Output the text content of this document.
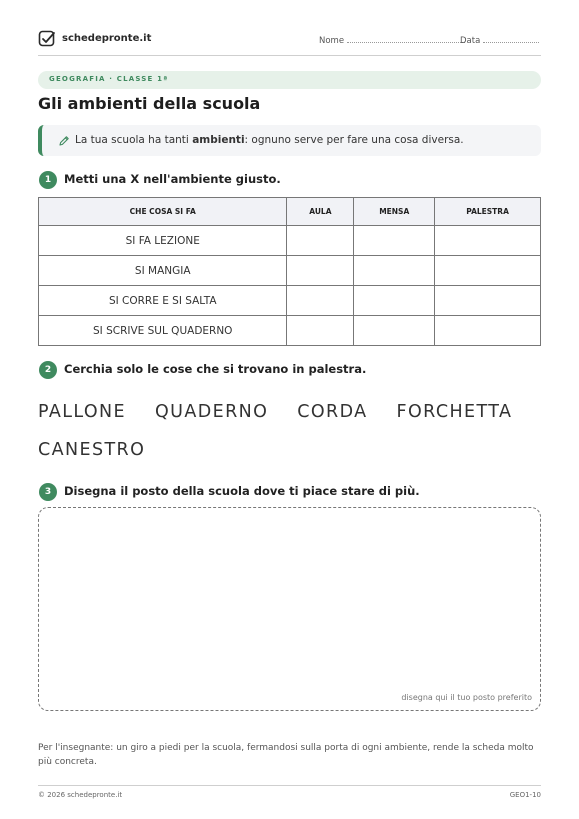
schedepronte.it	Nome	Data
GEOGRAFIA · CLASSE 1ª
Gli ambienti della scuola
La tua scuola ha tanti ambienti: ognuno serve per fare una cosa diversa.
1	Metti una X nell'ambiente giusto.
CHE COSA SI FA	AULA	MENSA	PALESTRA
SI FA LEZIONE			
SI MANGIA			
SI CORRE E SI SALTA			
SI SCRIVE SUL QUADERNO			
2	Cerchia solo le cose che si trovano in palestra.
PALLONE QUADERNO CORDA FORCHETTA CANESTRO
3	Disegna il posto della scuola dove ti piace stare di più.
disegna qui il tuo posto preferito
Per l'insegnante: un giro a piedi per la scuola, fermandosi sulla porta di ogni ambiente, rende la scheda molto più concreta.
© 2026 schedepronte.it	GEO1-10
